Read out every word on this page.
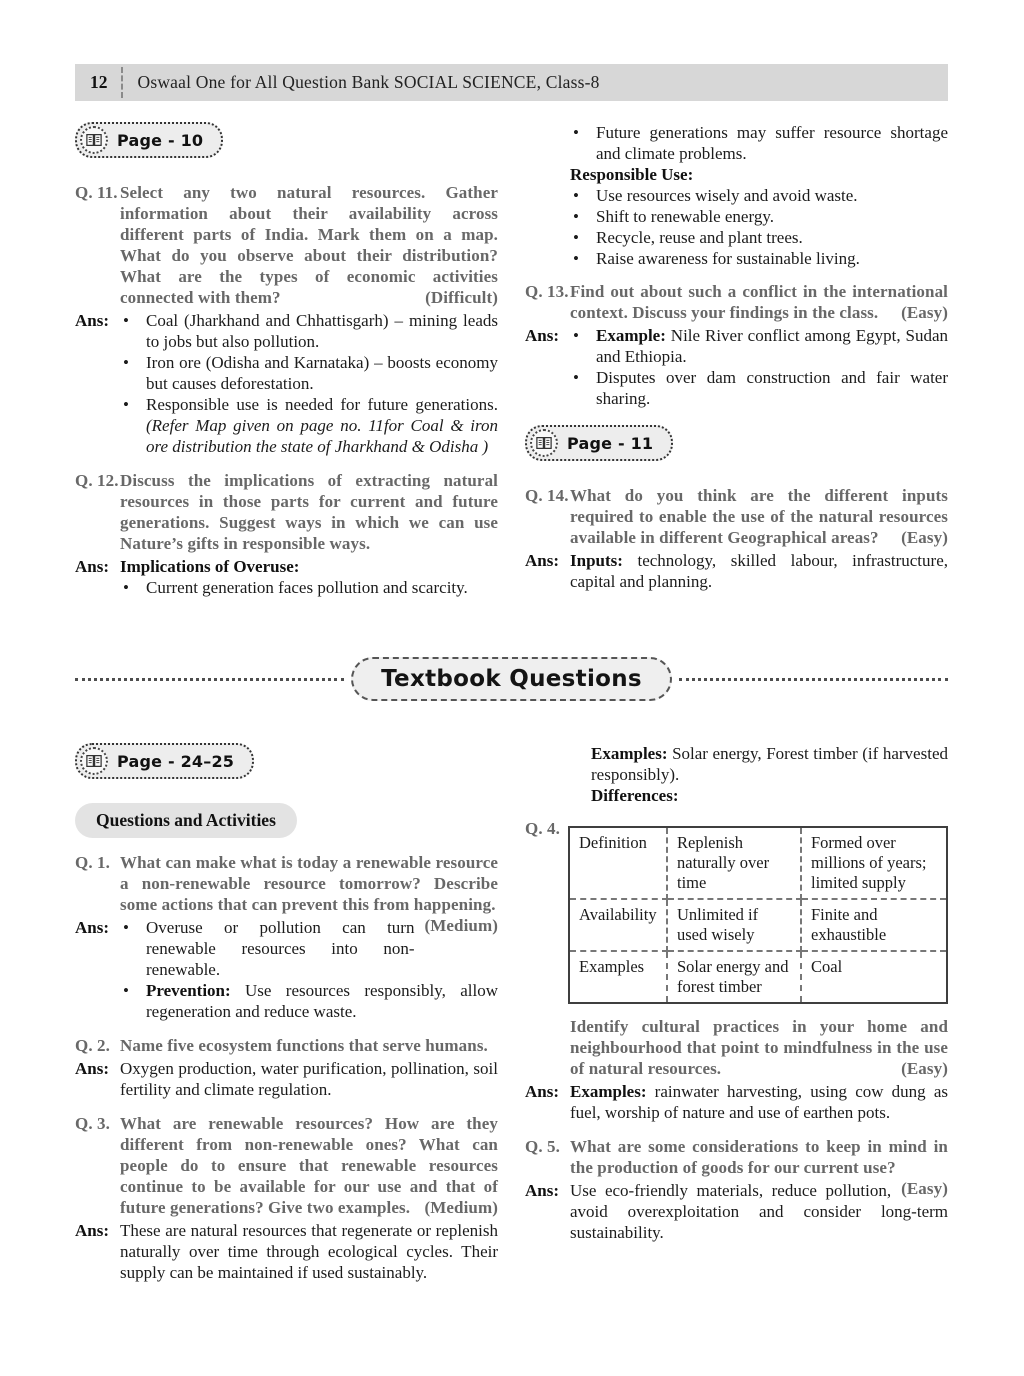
12	Oswaal One for All Question Bank SOCIAL SCIENCE, Class-8
Page - 10
Q. 11. Select any two natural resources. Gather information about their availability across different parts of India. Mark them on a map. What do you observe about their distribution? What are the types of economic activities connected with them?	(Difficult)
Ans: •	Coal (Jharkhand and Chhattisgarh) – mining leads to jobs but also pollution.
•	Iron ore (Odisha and Karnataka) – boosts economy but causes deforestation.
•	Responsible use is needed for future generations. (Refer Map given on page no. 11for Coal & iron ore distribution the state of Jharkhand & Odisha )
Q. 12. Discuss the implications of extracting natural resources in those parts for current and future generations. Suggest ways in which we can use Nature’s gifts in responsible ways.
Ans: Implications of Overuse:
•	Current generation faces pollution and scarcity.
•	Future generations may suffer resource shortage and climate problems.
Responsible Use:
•	Use resources wisely and avoid waste.
•	Shift to renewable energy.
•	Recycle, reuse and plant trees.
•	Raise awareness for sustainable living.
Q. 13. Find out about such a conflict in the international context. Discuss your findings in the class.	(Easy)
Ans: •	Example: Nile River conflict among Egypt, Sudan and Ethiopia.
•	Disputes over dam construction and fair water sharing.
Page - 11
Q. 14. What do you think are the different inputs required to enable the use of the natural resources available in different Geographical areas?	(Easy)
Ans: Inputs: technology, skilled labour, infrastructure, capital and planning.
Textbook Questions
Page - 24–25
Questions and Activities
Q. 1. What can make what is today a renewable resource a non-renewable resource tomorrow? Describe some actions that can prevent this from happening.
(Medium)
Ans: •	Overuse or pollution can turn renewable resources into non-renewable.
•	Prevention: Use resources responsibly, allow regeneration and reduce waste.
Q. 2. Name five ecosystem functions that serve humans.
Ans: Oxygen production, water purification, pollination, soil fertility and climate regulation.
Q. 3. What are renewable resources? How are they different from non-renewable ones? What can people do to ensure that renewable resources continue to be available for our use and that of future generations? Give two examples. (Medium)
Ans: These are natural resources that regenerate or replenish naturally over time through ecological cycles. Their supply can be maintained if used sustainably.
Examples: Solar energy, Forest timber (if harvested responsibly).
Differences:
Definition	Replenish naturally over time	Formed over millions of years; limited supply
Availability	Unlimited if used wisely	Finite and exhaustible
Examples	Solar energy and forest timber	Coal
Q. 4.
Identify cultural practices in your home and neighbourhood that point to mindfulness in the use of natural resources.	(Easy)
Ans: Examples: rainwater harvesting, using cow dung as fuel, worship of nature and use of earthen pots.
Q. 5. What are some considerations to keep in mind in the production of goods for our current use?
(Easy)
Ans: Use eco-friendly materials, reduce pollution, avoid overexploitation and consider long-term sustainability.
